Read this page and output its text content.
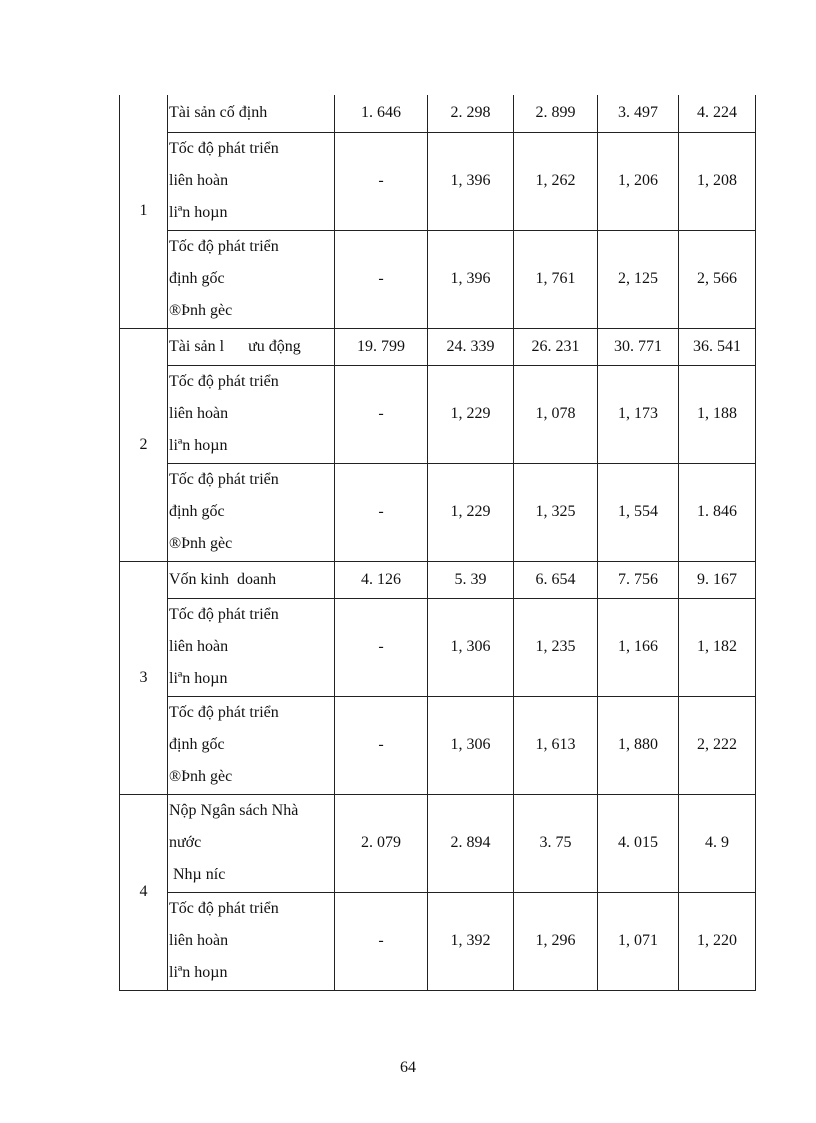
1	Tài sản cố định	1. 646	2. 298	2. 899	3. 497	4. 224

	Tốc độ phát triển
liên hoàn
liªn hoµn	-	1, 396	1, 262	1, 206	1, 208

	Tốc độ phát triển
định gốc
®Þnh gèc	-	1, 396	1, 761	2, 125	2, 566
2	Tài sản l      ưu động	19. 799	24. 339	26. 231	30. 771	36. 541

	Tốc độ phát triển
liên hoàn
liªn hoµn	-	1, 229	1, 078	1, 173	1, 188

	Tốc độ phát triển
định gốc
®Þnh gèc	-	1, 229	1, 325	1, 554	1. 846
3	Vốn kinh  doanh	4. 126	5. 39	6. 654	7. 756	9. 167

	Tốc độ phát triển
liên hoàn
liªn hoµn	-	1, 306	1, 235	1, 166	1, 182

	Tốc độ phát triển
định gốc
®Þnh gèc	-	1, 306	1, 613	1, 880	2, 222
4	Nộp Ngân sách Nhà
nước
Nhµ níc	2. 079	2. 894	3. 75	4. 015	4. 9

	Tốc độ phát triển
liên hoàn
liªn hoµn	-	1, 392	1, 296	1, 071	1, 220
64
